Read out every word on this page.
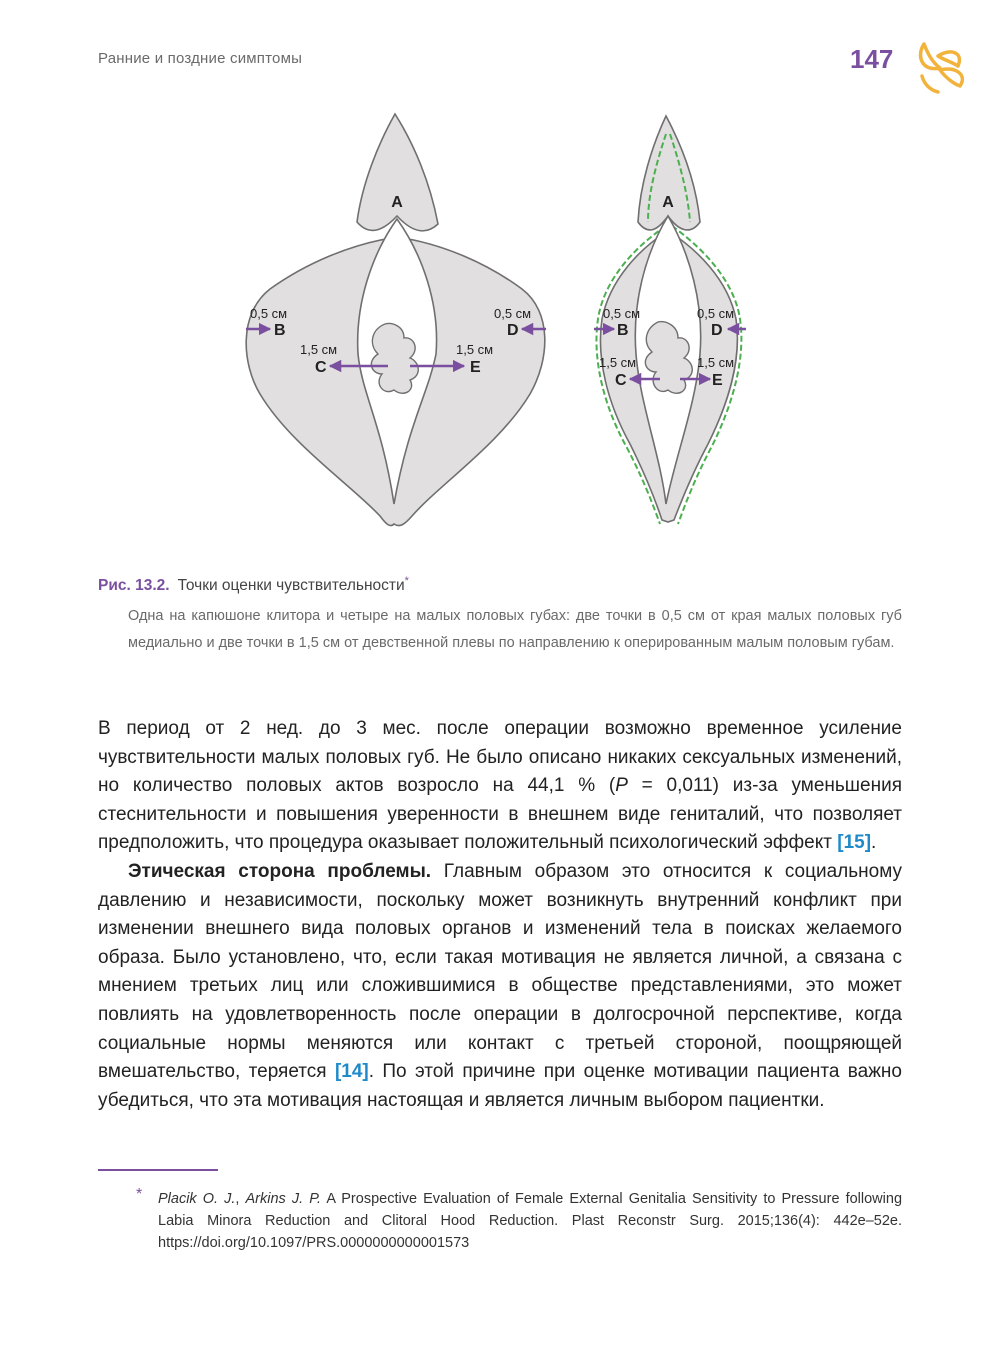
Ранние и поздние симптомы	147
A
0,5 см
B
0,5 см
D
1,5 см
C
1,5 см
E
A
0,5 см
B
0,5 см
D
1,5 см
C
1,5 см
E
Рис. 13.2. Точки оценки чувствительности*
Одна на капюшоне клитора и четыре на малых половых губах: две точки в 0,5 см от края малых половых губ медиально и две точки в 1,5 см от девственной плевы по направлению к оперированным малым половым губам.

В период от 2 нед. до 3 мес. после операции возможно временное усиление чувствительности малых половых губ. Не было описано никаких сексуальных изменений, но количество половых актов возросло на 44,1 % (P = 0,011) из-за уменьшения стеснительности и повышения уверенности в внешнем виде гениталий, что позволяет предположить, что процедура оказывает положительный психологический эффект [15].

Этическая сторона проблемы. Главным образом это относится к социальному давлению и независимости, поскольку может возникнуть внутренний конфликт при изменении внешнего вида половых органов и изменений тела в поисках желаемого образа. Было установлено, что, если такая мотивация не является личной, а связана с мнением третьих лиц или сложившимися в обществе представлениями, это может повлиять на удовлетворенность после операции в долгосрочной перспективе, когда социальные нормы меняются или контакт с третьей стороной, поощряющей вмешательство, теряется [14]. По этой причине при оценке мотивации пациента важно убедиться, что эта мотивация настоящая и является личным выбором пациентки.

* Placik O. J., Arkins J. P. A Prospective Evaluation of Female External Genitalia Sensitivity to Pressure following Labia Minora Reduction and Clitoral Hood Reduction. Plast Reconstr Surg. 2015;136(4): 442e–52e. https://doi.org/10.1097/PRS.0000000000001573
